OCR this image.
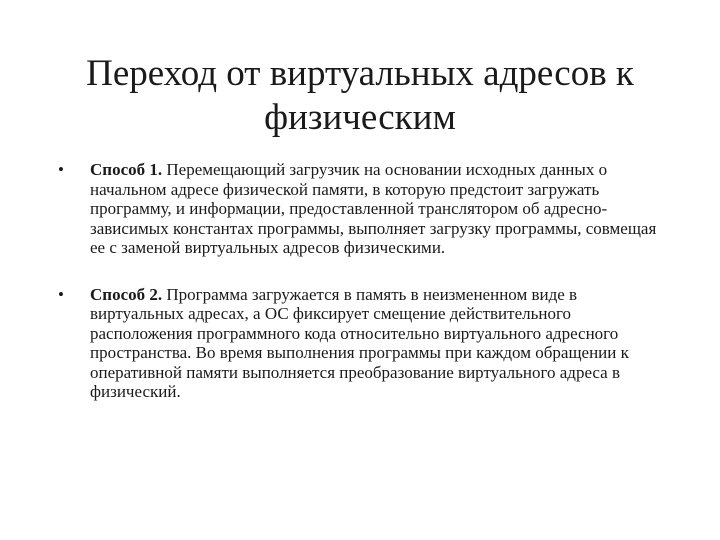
Переход от виртуальных адресов к
физическим
•	Способ 1. Перемещающий загрузчик на основании исходных данных о начальном адресе физической памяти, в которую предстоит загружать программу, и информации, предоставленной транслятором об адресно-зависимых константах программы, выполняет загрузку программы, совмещая ее с заменой виртуальных адресов физическими.
•	Способ 2. Программа загружается в память в неизмененном виде в виртуальных адресах, а ОС фиксирует смещение действительного расположения программного кода относительно виртуального адресного пространства. Во время выполнения программы при каждом обращении к оперативной памяти выполняется преобразование виртуального адреса в физический.
